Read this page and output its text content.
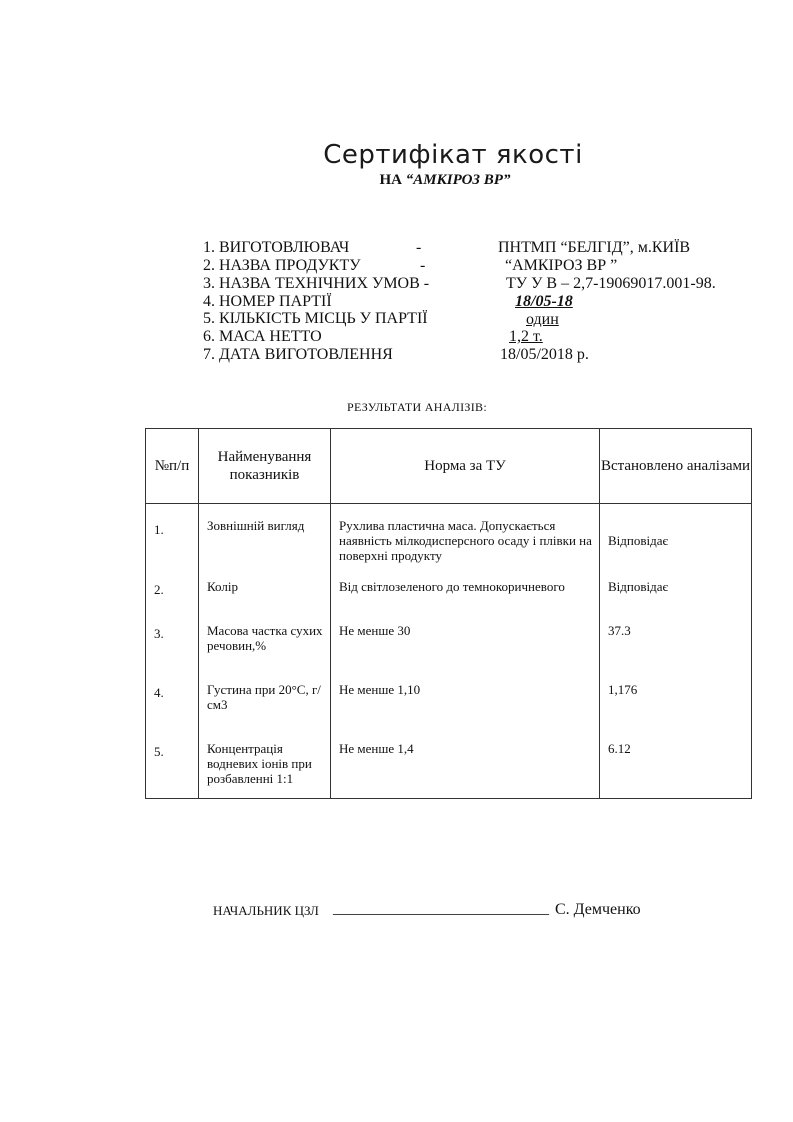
Сертифікат якості
НА “АМКІРОЗ ВР”
1. ВИГОТОВЛЮВАЧ	-	ПНТМП “БЕЛГІД”, м.КИЇВ
2. НАЗВА ПРОДУКТУ	-	“АМКІРОЗ ВР ”
3. НАЗВА ТЕХНІЧНИХ УМОВ -	ТУ У В – 2,7-19069017.001-98.
4. НОМЕР ПАРТІЇ	18/05-18
5. КІЛЬКІСТЬ МІСЦЬ У ПАРТІЇ	один
6. МАСА НЕТТО	1,2 т.
7. ДАТА ВИГОТОВЛЕННЯ	18/05/2018 р.
РЕЗУЛЬТАТИ АНАЛІЗІВ:
№п/п	Найменування показників	Норма за ТУ	Встановлено аналізами
1.	Зовнішній вигляд	Рухлива пластична маса. Допускається наявність мілкодисперсного осаду і плівки на поверхні продукту	Відповідає
2.	Колір	Від світлозеленого до темнокоричневого	Відповідає
3.	Масова частка сухих речовин,%	Не менше 30	37.3
4.	Густина при 20°С, г/см3	Не менше 1,10	1,176
5.	Концентрація водневих іонів при розбавленні 1:1	Не менше 1,4	6.12
НАЧАЛЬНИК ЦЗЛ ___________________________ С. Демченко
